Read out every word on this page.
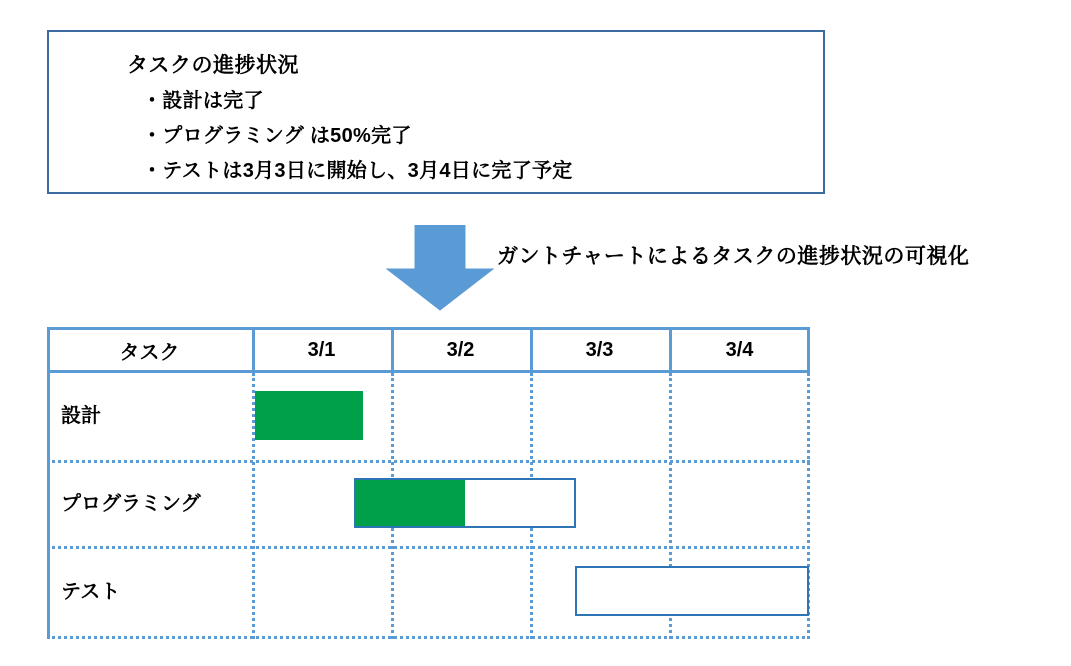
タスクの進捗状況
・設計は完了
・プログラミング は50%完了
・テストは3月3日に開始し、3月4日に完了予定
ガントチャートによるタスクの進捗状況の可視化
タスク	3/1	3/2	3/3	3/4
設計
プログラミング
テスト
